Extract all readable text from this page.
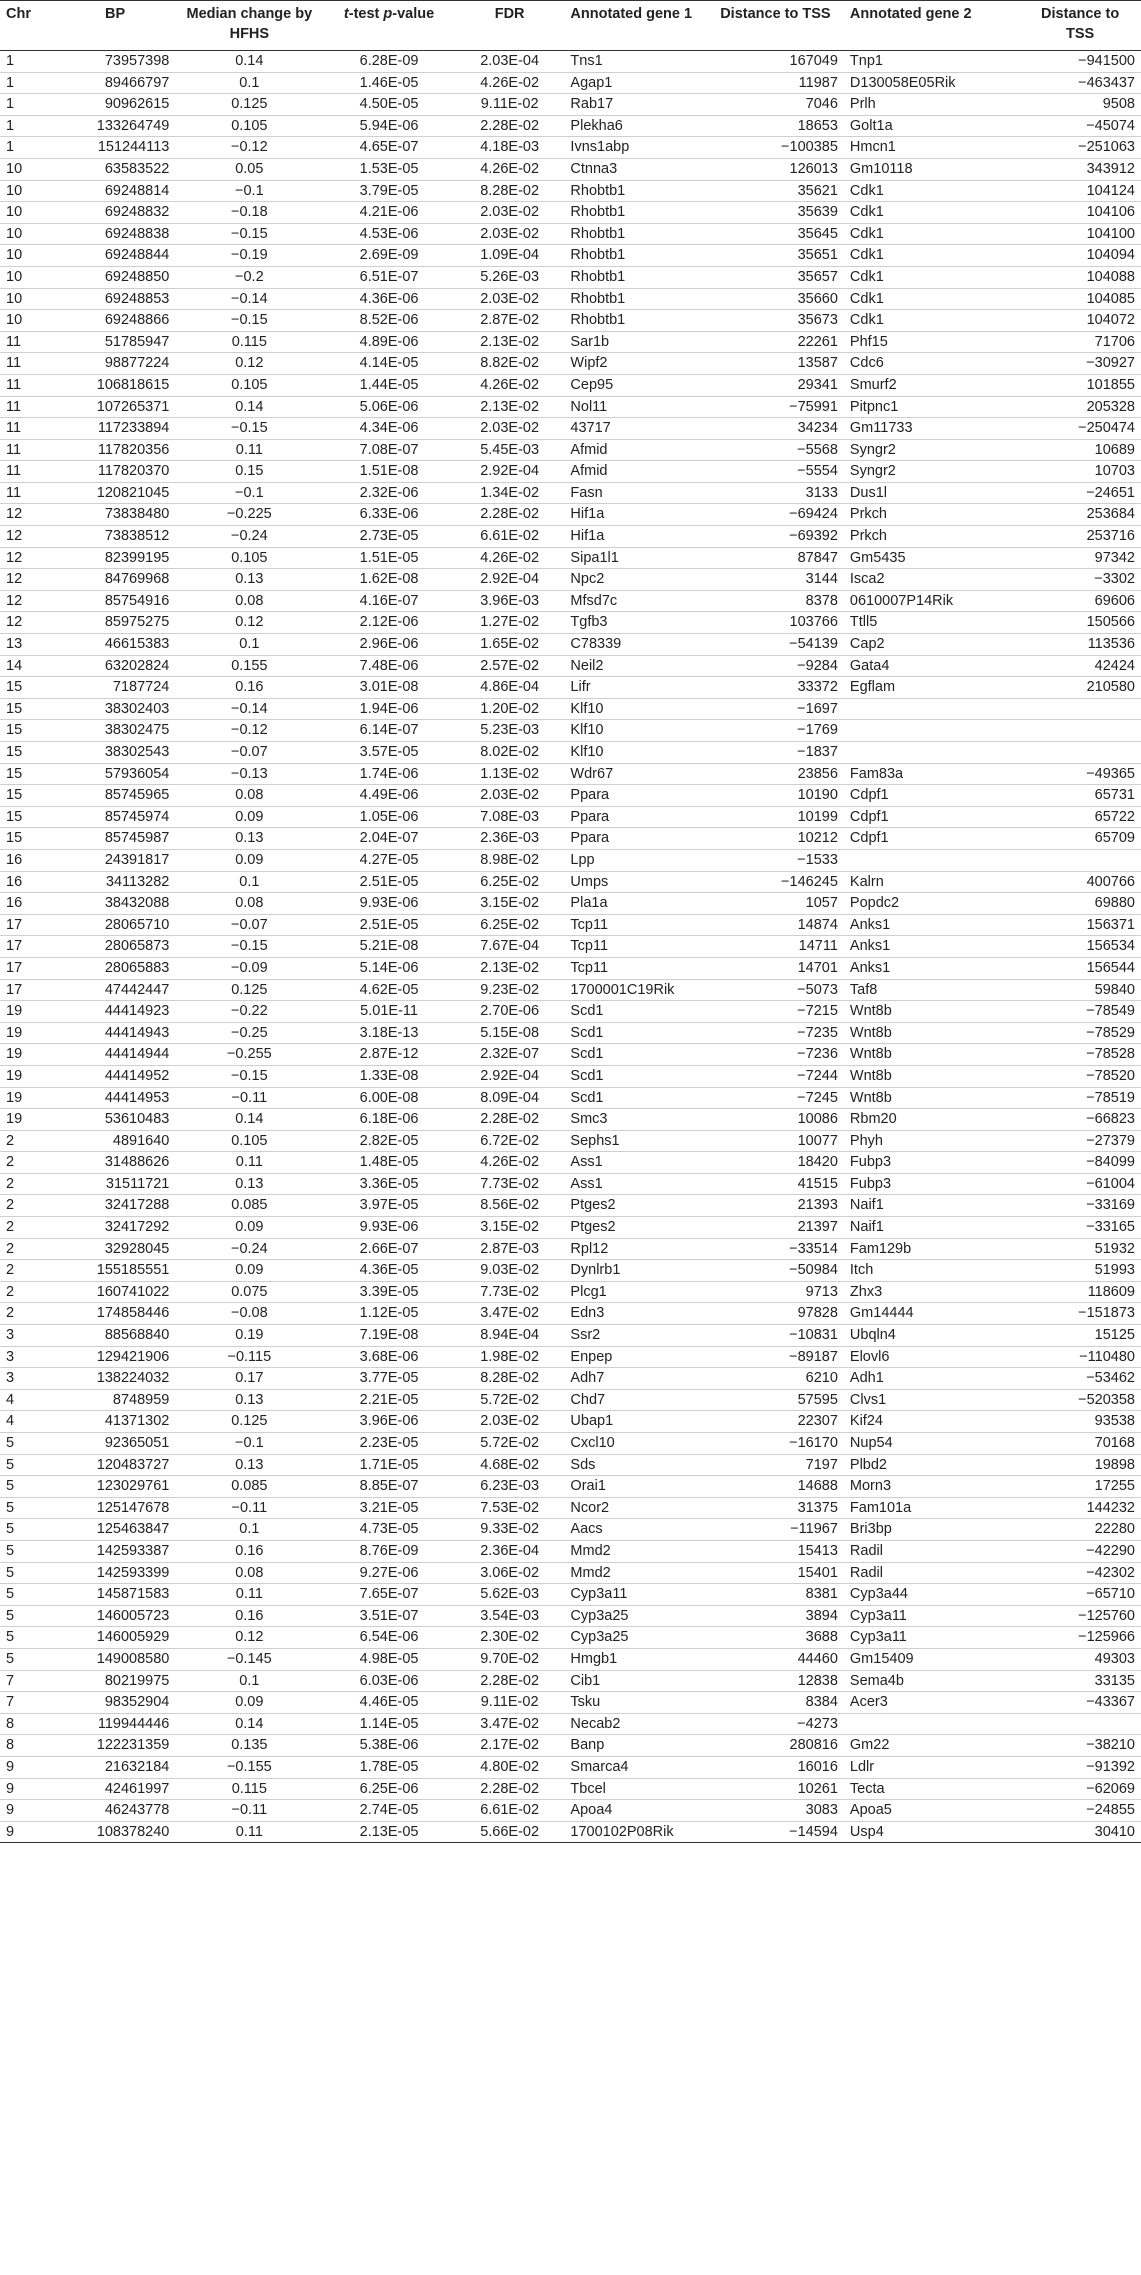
Chr	BP	Median change by HFHS	t-test p-value	FDR	Annotated gene 1	Distance to TSS	Annotated gene 2	Distance to TSS
1	73957398	0.14	6.28E-09	2.03E-04	Tns1	167049	Tnp1	−941500
1	89466797	0.1	1.46E-05	4.26E-02	Agap1	11987	D130058E05Rik	−463437
1	90962615	0.125	4.50E-05	9.11E-02	Rab17	7046	Prlh	9508
1	133264749	0.105	5.94E-06	2.28E-02	Plekha6	18653	Golt1a	−45074
1	151244113	−0.12	4.65E-07	4.18E-03	Ivns1abp	−100385	Hmcn1	−251063
10	63583522	0.05	1.53E-05	4.26E-02	Ctnna3	126013	Gm10118	343912
10	69248814	−0.1	3.79E-05	8.28E-02	Rhobtb1	35621	Cdk1	104124
10	69248832	−0.18	4.21E-06	2.03E-02	Rhobtb1	35639	Cdk1	104106
10	69248838	−0.15	4.53E-06	2.03E-02	Rhobtb1	35645	Cdk1	104100
10	69248844	−0.19	2.69E-09	1.09E-04	Rhobtb1	35651	Cdk1	104094
10	69248850	−0.2	6.51E-07	5.26E-03	Rhobtb1	35657	Cdk1	104088
10	69248853	−0.14	4.36E-06	2.03E-02	Rhobtb1	35660	Cdk1	104085
10	69248866	−0.15	8.52E-06	2.87E-02	Rhobtb1	35673	Cdk1	104072
11	51785947	0.115	4.89E-06	2.13E-02	Sar1b	22261	Phf15	71706
11	98877224	0.12	4.14E-05	8.82E-02	Wipf2	13587	Cdc6	−30927
11	106818615	0.105	1.44E-05	4.26E-02	Cep95	29341	Smurf2	101855
11	107265371	0.14	5.06E-06	2.13E-02	Nol11	−75991	Pitpnc1	205328
11	117233894	−0.15	4.34E-06	2.03E-02	43717	34234	Gm11733	−250474
11	117820356	0.11	7.08E-07	5.45E-03	Afmid	−5568	Syngr2	10689
11	117820370	0.15	1.51E-08	2.92E-04	Afmid	−5554	Syngr2	10703
11	120821045	−0.1	2.32E-06	1.34E-02	Fasn	3133	Dus1l	−24651
12	73838480	−0.225	6.33E-06	2.28E-02	Hif1a	−69424	Prkch	253684
12	73838512	−0.24	2.73E-05	6.61E-02	Hif1a	−69392	Prkch	253716
12	82399195	0.105	1.51E-05	4.26E-02	Sipa1l1	87847	Gm5435	97342
12	84769968	0.13	1.62E-08	2.92E-04	Npc2	3144	Isca2	−3302
12	85754916	0.08	4.16E-07	3.96E-03	Mfsd7c	8378	0610007P14Rik	69606
12	85975275	0.12	2.12E-06	1.27E-02	Tgfb3	103766	Ttll5	150566
13	46615383	0.1	2.96E-06	1.65E-02	C78339	−54139	Cap2	113536
14	63202824	0.155	7.48E-06	2.57E-02	Neil2	−9284	Gata4	42424
15	7187724	0.16	3.01E-08	4.86E-04	Lifr	33372	Egflam	210580
15	38302403	−0.14	1.94E-06	1.20E-02	Klf10	−1697		
15	38302475	−0.12	6.14E-07	5.23E-03	Klf10	−1769		
15	38302543	−0.07	3.57E-05	8.02E-02	Klf10	−1837		
15	57936054	−0.13	1.74E-06	1.13E-02	Wdr67	23856	Fam83a	−49365
15	85745965	0.08	4.49E-06	2.03E-02	Ppara	10190	Cdpf1	65731
15	85745974	0.09	1.05E-06	7.08E-03	Ppara	10199	Cdpf1	65722
15	85745987	0.13	2.04E-07	2.36E-03	Ppara	10212	Cdpf1	65709
16	24391817	0.09	4.27E-05	8.98E-02	Lpp	−1533		
16	34113282	0.1	2.51E-05	6.25E-02	Umps	−146245	Kalrn	400766
16	38432088	0.08	9.93E-06	3.15E-02	Pla1a	1057	Popdc2	69880
17	28065710	−0.07	2.51E-05	6.25E-02	Tcp11	14874	Anks1	156371
17	28065873	−0.15	5.21E-08	7.67E-04	Tcp11	14711	Anks1	156534
17	28065883	−0.09	5.14E-06	2.13E-02	Tcp11	14701	Anks1	156544
17	47442447	0.125	4.62E-05	9.23E-02	1700001C19Rik	−5073	Taf8	59840
19	44414923	−0.22	5.01E-11	2.70E-06	Scd1	−7215	Wnt8b	−78549
19	44414943	−0.25	3.18E-13	5.15E-08	Scd1	−7235	Wnt8b	−78529
19	44414944	−0.255	2.87E-12	2.32E-07	Scd1	−7236	Wnt8b	−78528
19	44414952	−0.15	1.33E-08	2.92E-04	Scd1	−7244	Wnt8b	−78520
19	44414953	−0.11	6.00E-08	8.09E-04	Scd1	−7245	Wnt8b	−78519
19	53610483	0.14	6.18E-06	2.28E-02	Smc3	10086	Rbm20	−66823
2	4891640	0.105	2.82E-05	6.72E-02	Sephs1	10077	Phyh	−27379
2	31488626	0.11	1.48E-05	4.26E-02	Ass1	18420	Fubp3	−84099
2	31511721	0.13	3.36E-05	7.73E-02	Ass1	41515	Fubp3	−61004
2	32417288	0.085	3.97E-05	8.56E-02	Ptges2	21393	Naif1	−33169
2	32417292	0.09	9.93E-06	3.15E-02	Ptges2	21397	Naif1	−33165
2	32928045	−0.24	2.66E-07	2.87E-03	Rpl12	−33514	Fam129b	51932
2	155185551	0.09	4.36E-05	9.03E-02	Dynlrb1	−50984	Itch	51993
2	160741022	0.075	3.39E-05	7.73E-02	Plcg1	9713	Zhx3	118609
2	174858446	−0.08	1.12E-05	3.47E-02	Edn3	97828	Gm14444	−151873
3	88568840	0.19	7.19E-08	8.94E-04	Ssr2	−10831	Ubqln4	15125
3	129421906	−0.115	3.68E-06	1.98E-02	Enpep	−89187	Elovl6	−110480
3	138224032	0.17	3.77E-05	8.28E-02	Adh7	6210	Adh1	−53462
4	8748959	0.13	2.21E-05	5.72E-02	Chd7	57595	Clvs1	−520358
4	41371302	0.125	3.96E-06	2.03E-02	Ubap1	22307	Kif24	93538
5	92365051	−0.1	2.23E-05	5.72E-02	Cxcl10	−16170	Nup54	70168
5	120483727	0.13	1.71E-05	4.68E-02	Sds	7197	Plbd2	19898
5	123029761	0.085	8.85E-07	6.23E-03	Orai1	14688	Morn3	17255
5	125147678	−0.11	3.21E-05	7.53E-02	Ncor2	31375	Fam101a	144232
5	125463847	0.1	4.73E-05	9.33E-02	Aacs	−11967	Bri3bp	22280
5	142593387	0.16	8.76E-09	2.36E-04	Mmd2	15413	Radil	−42290
5	142593399	0.08	9.27E-06	3.06E-02	Mmd2	15401	Radil	−42302
5	145871583	0.11	7.65E-07	5.62E-03	Cyp3a11	8381	Cyp3a44	−65710
5	146005723	0.16	3.51E-07	3.54E-03	Cyp3a25	3894	Cyp3a11	−125760
5	146005929	0.12	6.54E-06	2.30E-02	Cyp3a25	3688	Cyp3a11	−125966
5	149008580	−0.145	4.98E-05	9.70E-02	Hmgb1	44460	Gm15409	49303
7	80219975	0.1	6.03E-06	2.28E-02	Cib1	12838	Sema4b	33135
7	98352904	0.09	4.46E-05	9.11E-02	Tsku	8384	Acer3	−43367
8	119944446	0.14	1.14E-05	3.47E-02	Necab2	−4273		
8	122231359	0.135	5.38E-06	2.17E-02	Banp	280816	Gm22	−38210
9	21632184	−0.155	1.78E-05	4.80E-02	Smarca4	16016	Ldlr	−91392
9	42461997	0.115	6.25E-06	2.28E-02	Tbcel	10261	Tecta	−62069
9	46243778	−0.11	2.74E-05	6.61E-02	Apoa4	3083	Apoa5	−24855
9	108378240	0.11	2.13E-05	5.66E-02	1700102P08Rik	−14594	Usp4	30410
